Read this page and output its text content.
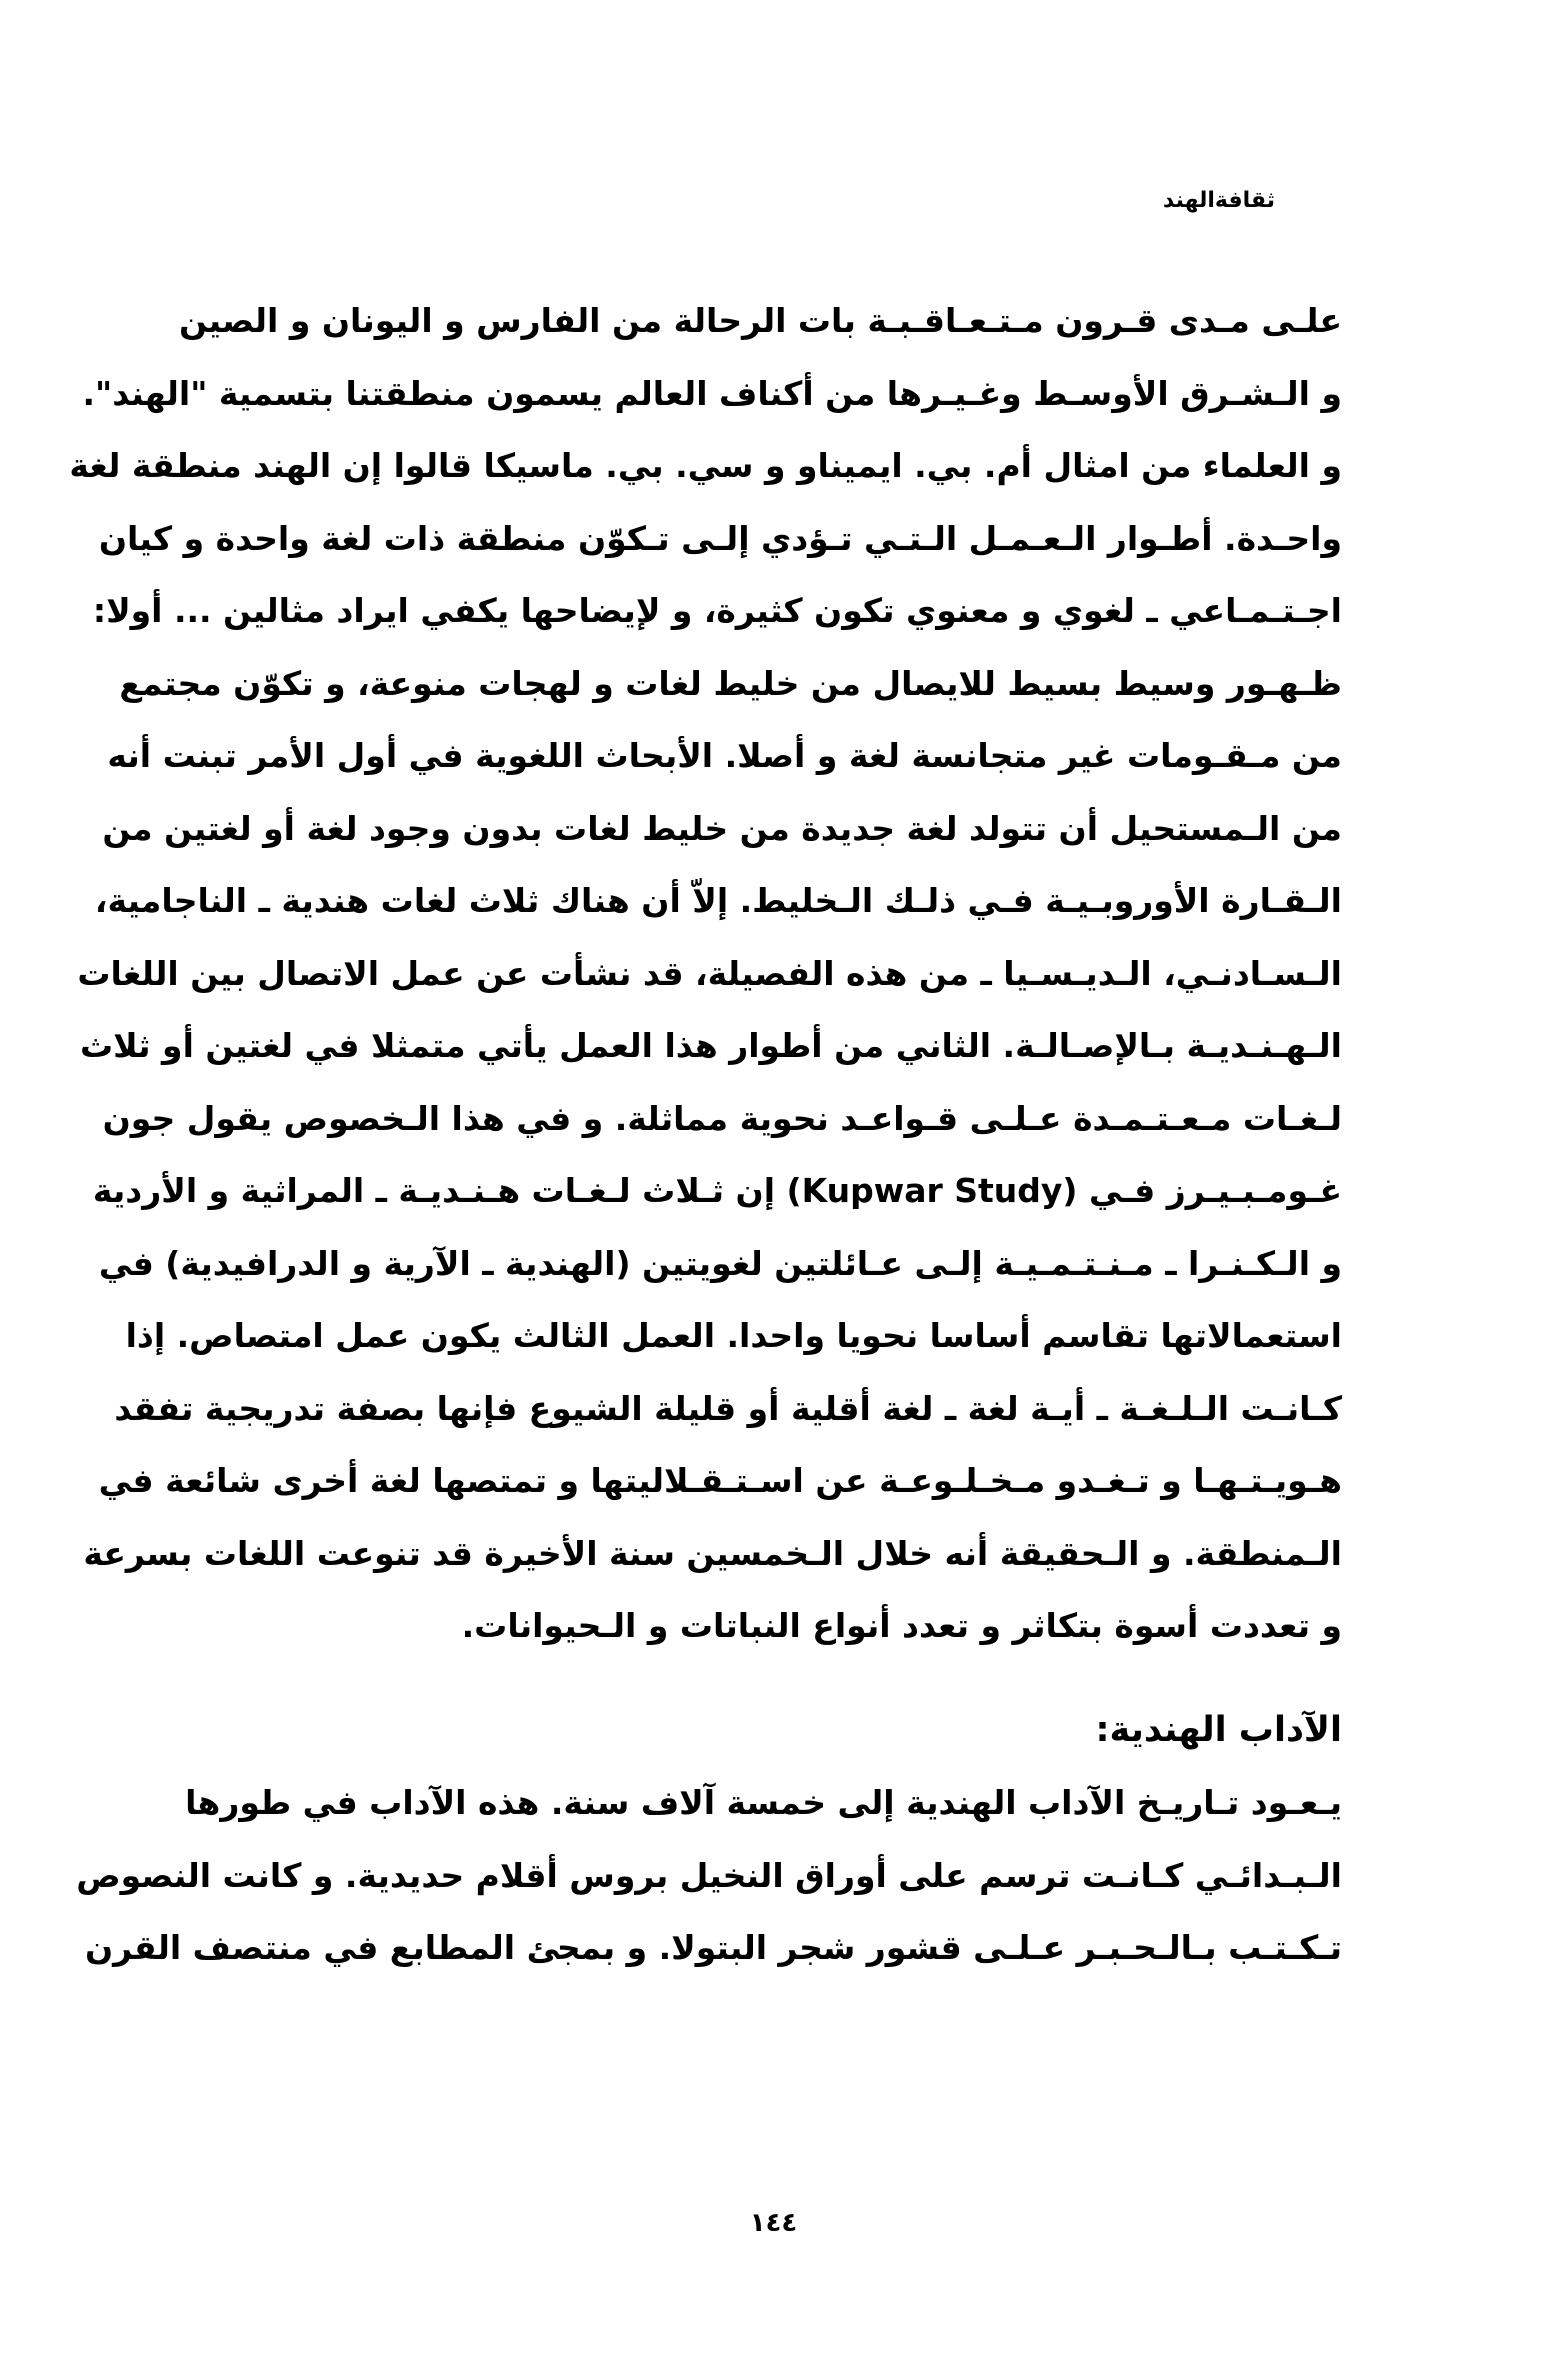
ثقافةالهند
علـى مـدى قـرون مـتـعـاقـبـة بات الرحالة من الفارس و اليونان و الصين
و الـشـرق الأوسـط وغـيـرها من أكناف العالم يسمون منطقتنا بتسمية "الهند".
و العلماء من امثال أم. بي. ايميناو و سي. بي. ماسيكا قالوا إن الهند منطقة لغة
واحـدة. أطـوار الـعـمـل الـتـي تـؤدي إلـى تـكوّن منطقة ذات لغة واحدة و كيان
اجـتـمـاعي ـ لغوي و معنوي تكون كثيرة، و لإيضاحها يكفي ايراد مثالين ... أولا:
ظـهـور وسيط بسيط للايصال من خليط لغات و لهجات منوعة، و تكوّن مجتمع
من مـقـومات غير متجانسة لغة و أصلا. الأبحاث اللغوية في أول الأمر تبنت أنه
من الـمستحيل أن تتولد لغة جديدة من خليط لغات بدون وجود لغة أو لغتين من
الـقـارة الأوروبـيـة فـي ذلـك الـخليط. إلاّ أن هناك ثلاث لغات هندية ـ الناجامية،
الـسـادنـي، الـديـسـيا ـ من هذه الفصيلة، قد نشأت عن عمل الاتصال بين اللغات
الـهـنـديـة بـالإصـالـة. الثاني من أطوار هذا العمل يأتي متمثلا في لغتين أو ثلاث
لـغـات مـعـتـمـدة عـلـى قـواعـد نحوية مماثلة. و في هذا الـخصوص يقول جون
غـومـبـيـرز فـي (Kupwar Study) إن ثـلاث لـغـات هـنـديـة ـ المراثية و الأردية
و الـكـنـرا ـ مـنـتـمـيـة إلـى عـائلتين لغويتين (الهندية ـ الآرية و الدرافيدية) في
استعمالاتها تقاسم أساسا نحويا واحدا. العمل الثالث يكون عمل امتصاص. إذا
كـانـت الـلـغـة ـ أيـة لغة ـ لغة أقلية أو قليلة الشيوع فإنها بصفة تدريجية تفقد
هـويـتـهـا و تـغـدو مـخـلـوعـة عن اسـتـقـلاليتها و تمتصها لغة أخرى شائعة في
الـمنطقة. و الـحقيقة أنه خلال الـخمسين سنة الأخيرة قد تنوعت اللغات بسرعة
و تعددت أسوة بتكاثر و تعدد أنواع النباتات و الـحيوانات.
الآداب الهندية:
يـعـود تـاريـخ الآداب الهندية إلى خمسة آلاف سنة. هذه الآداب في طورها
الـبـدائـي كـانـت ترسم على أوراق النخيل بروس أقلام حديدية. و كانت النصوص
تـكـتـب بـالـحـبـر عـلـى قشور شجر البتولا. و بمجئ المطابع في منتصف القرن
١٤٤
